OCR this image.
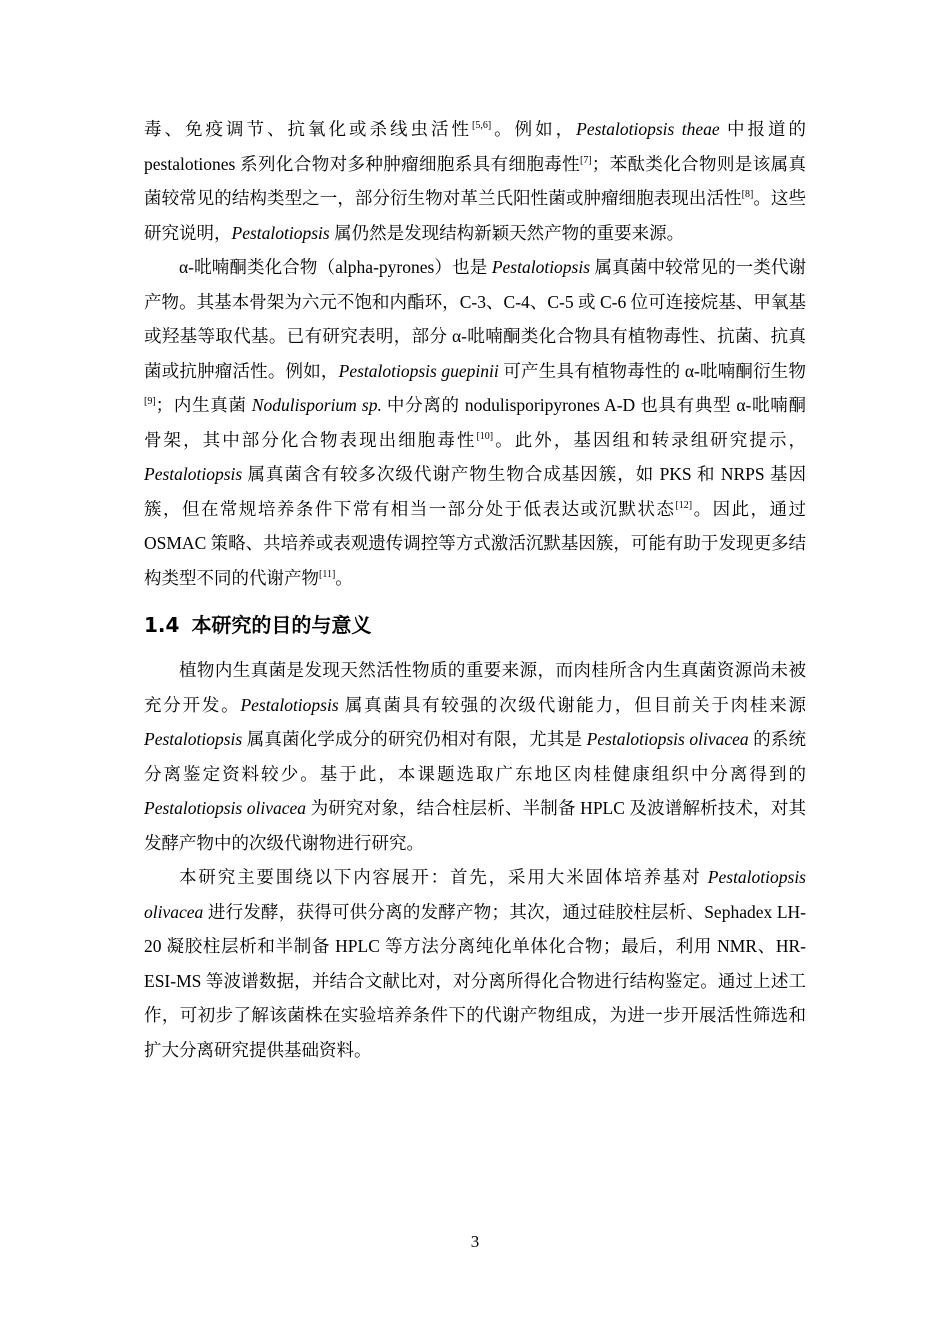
毒、免疫调节、抗氧化或杀线虫活性[5,6]。例如，Pestalotiopsis theae 中报道的 pestalotiones 系列化合物对多种肿瘤细胞系具有细胞毒性[7]；苯酞类化合物则是该属真菌较常见的结构类型之一，部分衍生物对革兰氏阳性菌或肿瘤细胞表现出活性[8]。这些研究说明，Pestalotiopsis 属仍然是发现结构新颖天然产物的重要来源。

α-吡喃酮类化合物（alpha-pyrones）也是 Pestalotiopsis 属真菌中较常见的一类代谢产物。其基本骨架为六元不饱和内酯环，C-3、C-4、C-5 或 C-6 位可连接烷基、甲氧基或羟基等取代基。已有研究表明，部分 α-吡喃酮类化合物具有植物毒性、抗菌、抗真菌或抗肿瘤活性。例如，Pestalotiopsis guepinii 可产生具有植物毒性的 α-吡喃酮衍生物[9]；内生真菌 Nodulisporium sp. 中分离的 nodulisporipyrones A-D 也具有典型 α-吡喃酮骨架，其中部分化合物表现出细胞毒性[10]。此外，基因组和转录组研究提示，Pestalotiopsis 属真菌含有较多次级代谢产物生物合成基因簇，如 PKS 和 NRPS 基因簇，但在常规培养条件下常有相当一部分处于低表达或沉默状态[12]。因此，通过 OSMAC 策略、共培养或表观遗传调控等方式激活沉默基因簇，可能有助于发现更多结构类型不同的代谢产物[11]。

1.4 本研究的目的与意义

植物内生真菌是发现天然活性物质的重要来源，而肉桂所含内生真菌资源尚未被充分开发。Pestalotiopsis 属真菌具有较强的次级代谢能力，但目前关于肉桂来源 Pestalotiopsis 属真菌化学成分的研究仍相对有限，尤其是 Pestalotiopsis olivacea 的系统分离鉴定资料较少。基于此，本课题选取广东地区肉桂健康组织中分离得到的 Pestalotiopsis olivacea 为研究对象，结合柱层析、半制备 HPLC 及波谱解析技术，对其发酵产物中的次级代谢物进行研究。

本研究主要围绕以下内容展开：首先，采用大米固体培养基对 Pestalotiopsis olivacea 进行发酵，获得可供分离的发酵产物；其次，通过硅胶柱层析、Sephadex LH-20 凝胶柱层析和半制备 HPLC 等方法分离纯化单体化合物；最后，利用 NMR、HR-ESI-MS 等波谱数据，并结合文献比对，对分离所得化合物进行结构鉴定。通过上述工作，可初步了解该菌株在实验培养条件下的代谢产物组成，为进一步开展活性筛选和扩大分离研究提供基础资料。

3
